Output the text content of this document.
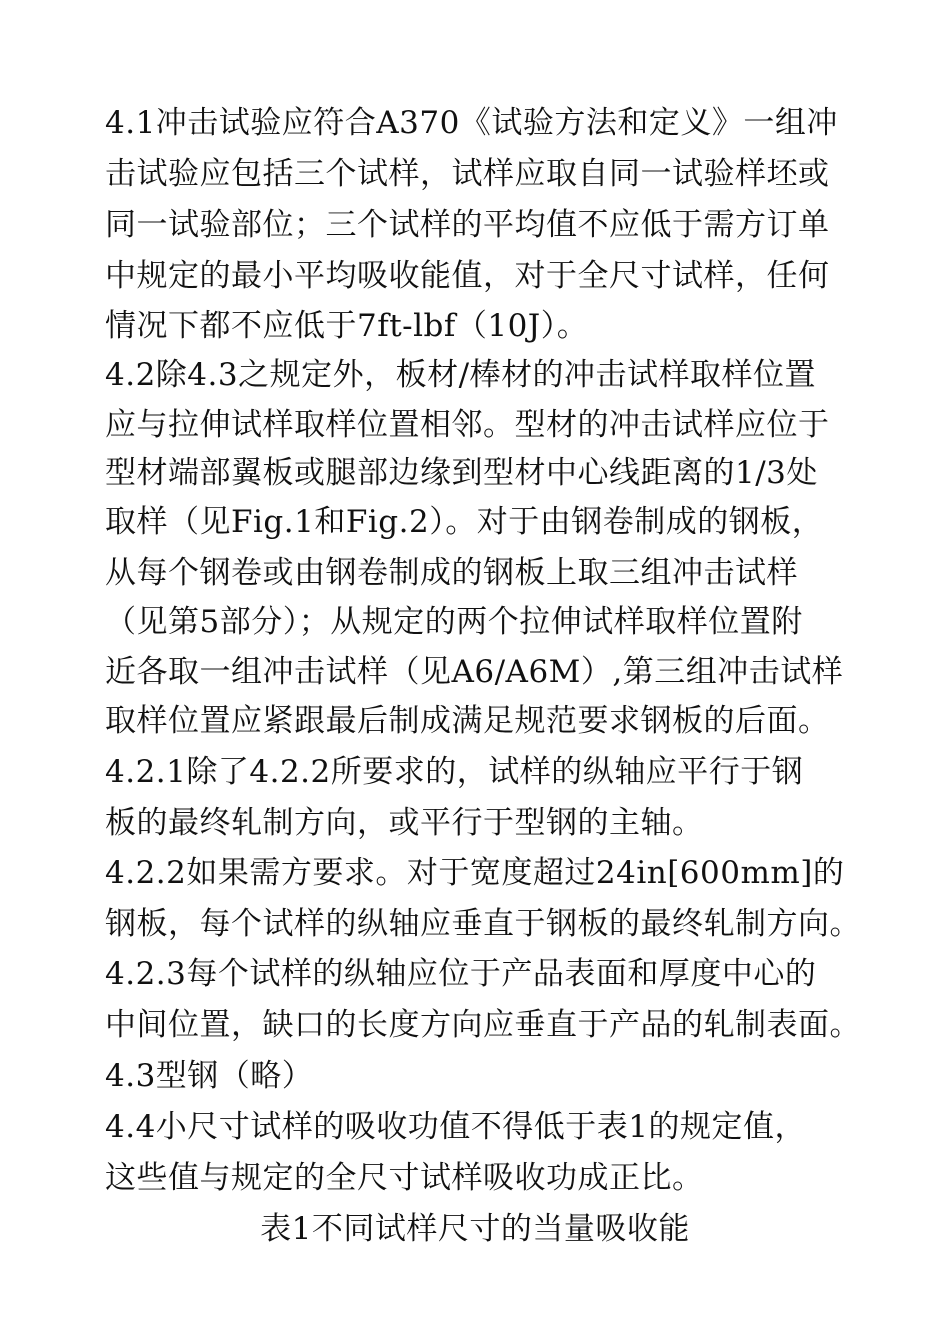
4.1冲击试验应符合A370《试验方法和定义》一组冲
击试验应包括三个试样，试样应取自同一试验样坯或
同一试验部位；三个试样的平均值不应低于需方订单
中规定的最小平均吸收能值，对于全尺寸试样，任何
情况下都不应低于7ft-lbf（10J）。
4.2除4.3之规定外，板材/棒材的冲击试样取样位置
应与拉伸试样取样位置相邻。型材的冲击试样应位于
型材端部翼板或腿部边缘到型材中心线距离的1/3处
取样（见Fig.1和Fig.2）。对于由钢卷制成的钢板，
从每个钢卷或由钢卷制成的钢板上取三组冲击试样
（见第5部分）；从规定的两个拉伸试样取样位置附
近各取一组冲击试样（见A6/A6M）,第三组冲击试样
取样位置应紧跟最后制成满足规范要求钢板的后面。
4.2.1除了4.2.2所要求的，试样的纵轴应平行于钢
板的最终轧制方向，或平行于型钢的主轴。
4.2.2如果需方要求。对于宽度超过24in[600mm]的
钢板，每个试样的纵轴应垂直于钢板的最终轧制方向。
4.2.3每个试样的纵轴应位于产品表面和厚度中心的
中间位置，缺口的长度方向应垂直于产品的轧制表面。
4.3型钢（略）
4.4小尺寸试样的吸收功值不得低于表1的规定值，
这些值与规定的全尺寸试样吸收功成正比。
表1不同试样尺寸的当量吸收能
